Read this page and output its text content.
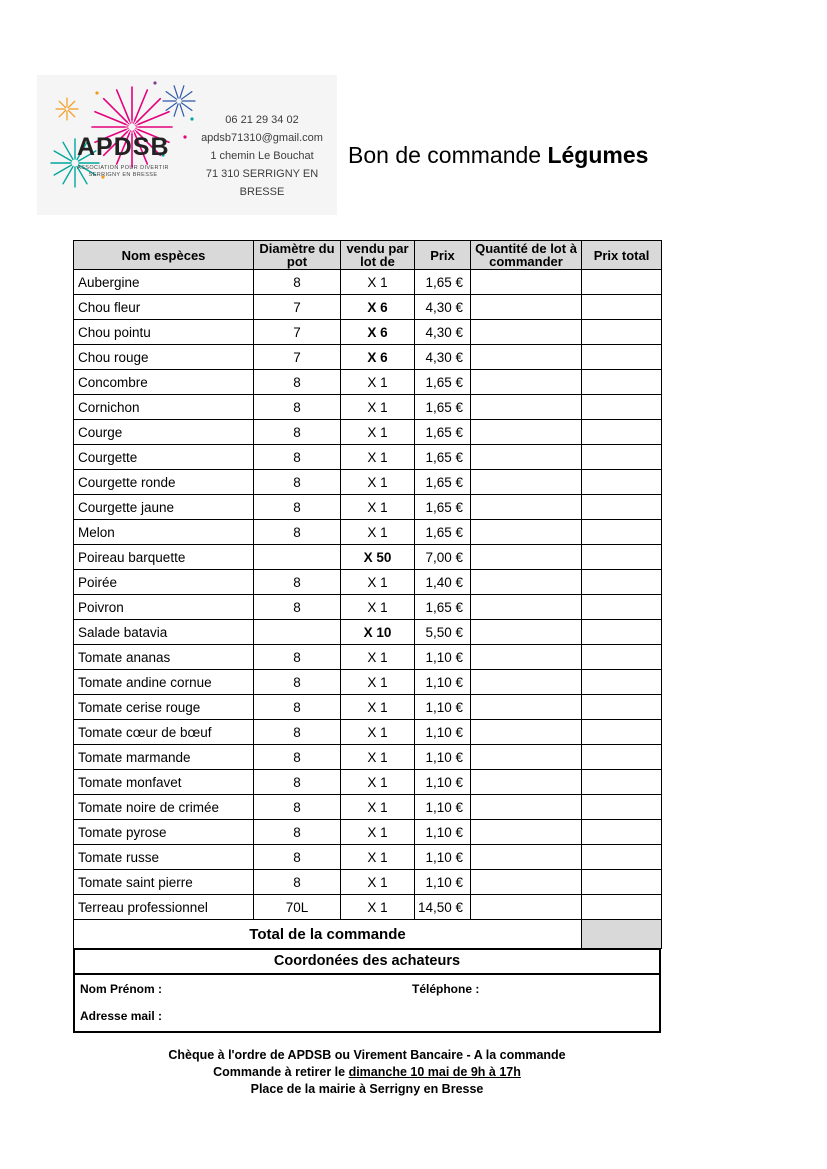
APDSB
ASSOCIATION POUR DIVERTIR SERRIGNY EN BRESSE
06 21 29 34 02
apdsb71310@gmail.com
1 chemin Le Bouchat
71 310 SERRIGNY EN BRESSE
Bon de commande Légumes
Nom espèces	Diamètre du pot	vendu par lot de	Prix	Quantité de lot à commander	Prix total
Aubergine	8	X 1	1,65 €		
Chou fleur	7	X 6	4,30 €		
Chou pointu	7	X 6	4,30 €		
Chou rouge	7	X 6	4,30 €		
Concombre	8	X 1	1,65 €		
Cornichon	8	X 1	1,65 €		
Courge	8	X 1	1,65 €		
Courgette	8	X 1	1,65 €		
Courgette ronde	8	X 1	1,65 €		
Courgette jaune	8	X 1	1,65 €		
Melon	8	X 1	1,65 €		
Poireau barquette		X 50	7,00 €		
Poirée	8	X 1	1,40 €		
Poivron	8	X 1	1,65 €		
Salade batavia		X 10	5,50 €		
Tomate ananas	8	X 1	1,10 €		
Tomate andine cornue	8	X 1	1,10 €		
Tomate cerise rouge	8	X 1	1,10 €		
Tomate cœur de bœuf	8	X 1	1,10 €		
Tomate marmande	8	X 1	1,10 €		
Tomate monfavet	8	X 1	1,10 €		
Tomate noire de crimée	8	X 1	1,10 €		
Tomate pyrose	8	X 1	1,10 €		
Tomate russe	8	X 1	1,10 €		
Tomate saint pierre	8	X 1	1,10 €		
Terreau professionnel	70L	X 1	14,50 €		
Total de la commande					
Coordonées des achateurs
Nom Prénom :	Téléphone :
Adresse mail :
Chèque à l'ordre de APDSB ou Virement Bancaire - A la commande
Commande à retirer le dimanche 10 mai de 9h à 17h
Place de la mairie à Serrigny en Bresse
